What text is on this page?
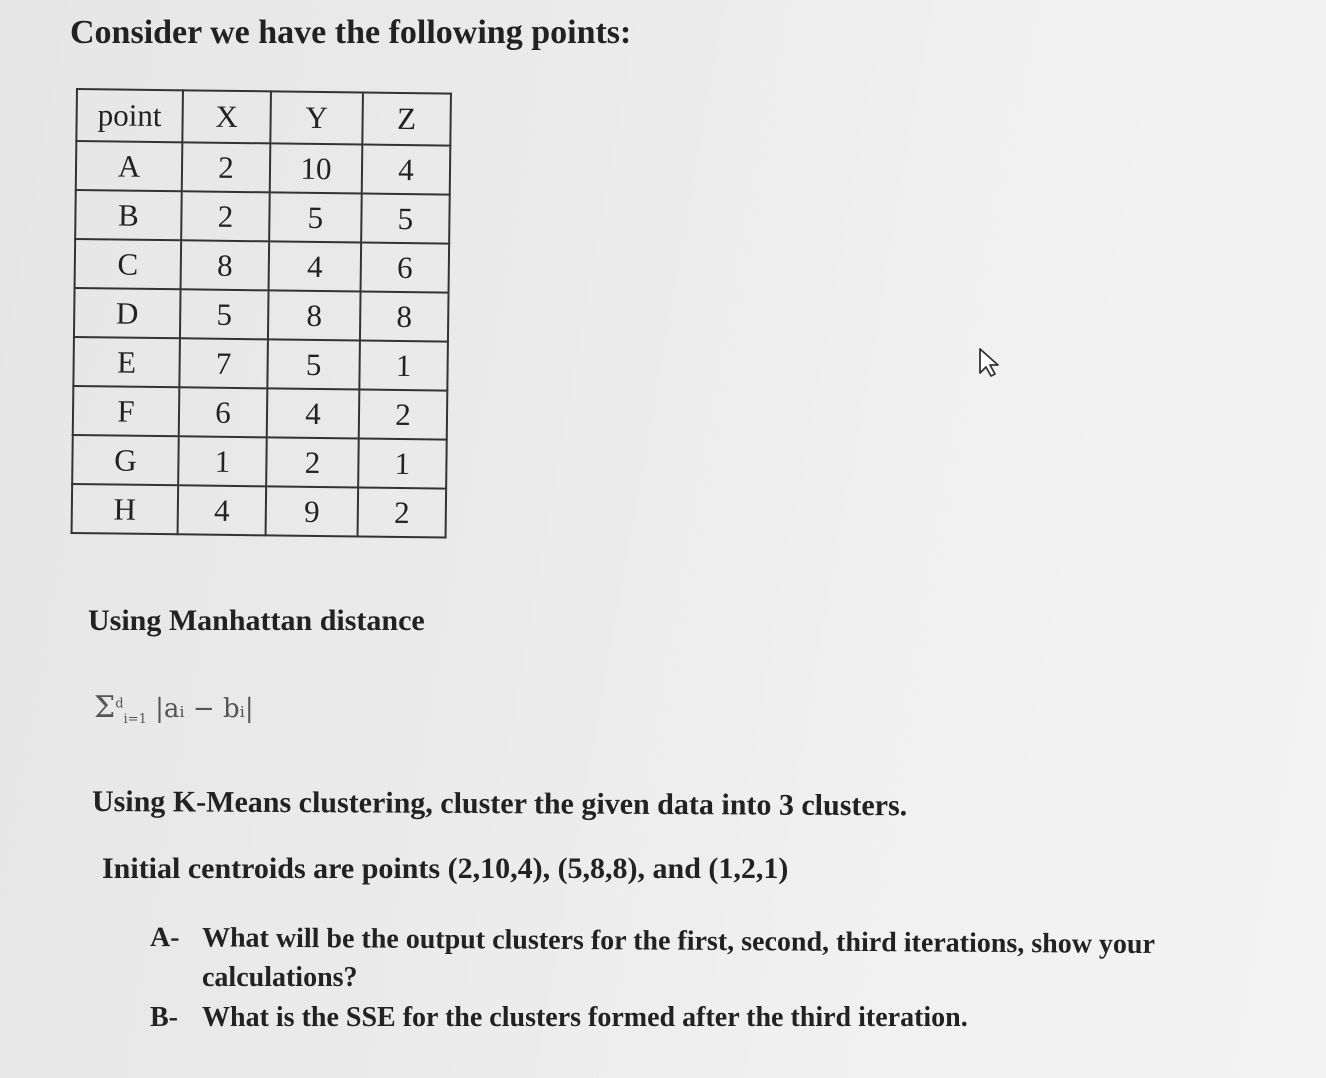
Consider we have the following points:
point	X	Y	Z
A	2	10	4
B	2	5	5
C	8	4	6
D	5	8	8
E	7	5	1
F	6	4	2
G	1	2	1
H	4	9	2
Using Manhattan distance
$\Sigma^d_{i=1}$ |aᵢ − bᵢ|
Using K-Means clustering, cluster the given data into 3 clusters.
Initial centroids are points (2,10,4), (5,8,8), and (1,2,1)
A- What will be the output clusters for the first, second, third iterations, show your
calculations?
B- What is the SSE for the clusters formed after the third iteration.
